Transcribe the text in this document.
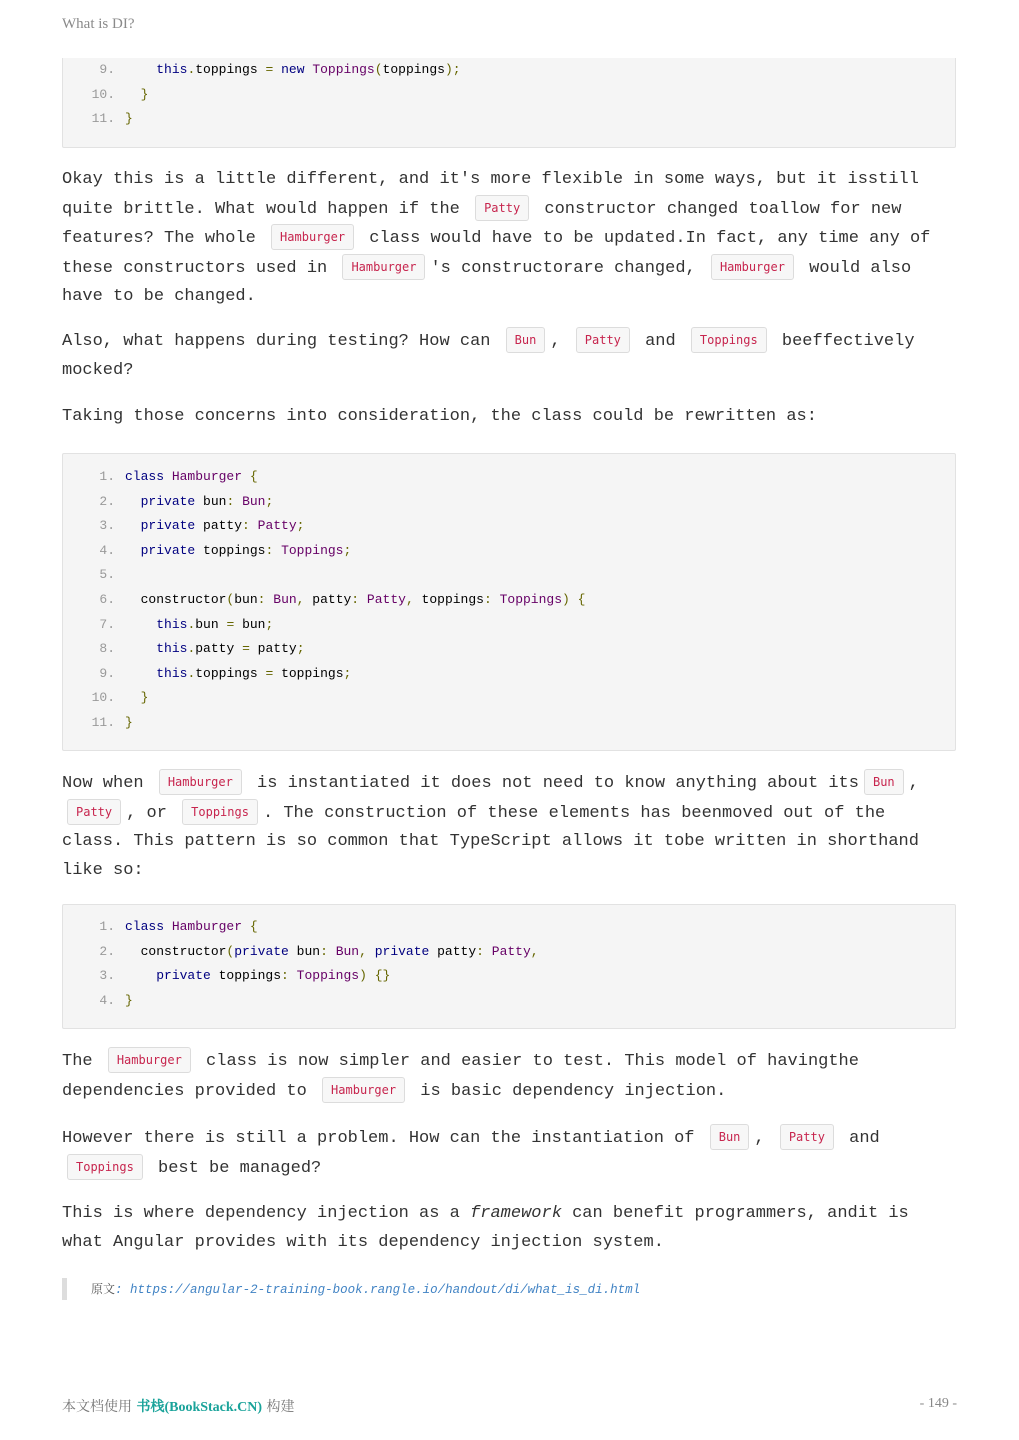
What is DI?
9.	this.toppings = new Toppings(toppings);
10. }
11. }
Okay this is a little different, and it's more flexible in some ways, but it isstill quite brittle. What would happen if the Patty constructor changed toallow for new features? The whole Hamburger class would have to be updated.In fact, any time any of these constructors used in Hamburger 's constructorare changed, Hamburger would also have to be changed.
Also, what happens during testing? How can Bun , Patty and Toppings beeffectively mocked?
Taking those concerns into consideration, the class could be rewritten as:
1. class Hamburger {
2. private bun: Bun;
3. private patty: Patty;
4. private toppings: Toppings;
5.
6.  constructor(bun: Bun, patty: Patty, toppings: Toppings) {
7.	this.bun = bun;
8.	this.patty = patty;
9.	this.toppings = toppings;
10. }
11. }
Now when Hamburger is instantiated it does not need to know anything about its Bun , Patty , or Toppings . The construction of these elements has beenmoved out of the class. This pattern is so common that TypeScript allows it tobe written in shorthand like so:
1. class Hamburger {
2.  constructor(private bun: Bun, private patty: Patty,
3.	private toppings: Toppings) {}
4. }
The Hamburger class is now simpler and easier to test. This model of havingthe dependencies provided to Hamburger is basic dependency injection.
However there is still a problem. How can the instantiation of Bun , Patty and Toppings best be managed?
This is where dependency injection as a framework can benefit programmers, andit is what Angular provides with its dependency injection system.
原文: https://angular-2-training-book.rangle.io/handout/di/what_is_di.html
本文档使用 书栈(BookStack.CN) 构建	- 149 -
